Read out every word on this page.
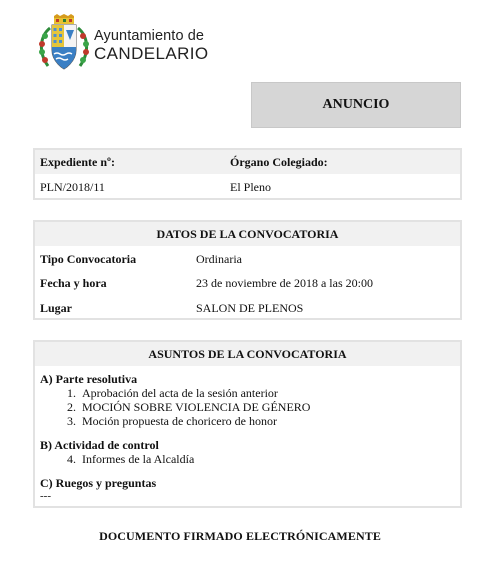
Ayuntamiento de
CANDELARIO
ANUNCIO
Expediente nº:	Órgano Colegiado:
PLN/2018/11	El Pleno
DATOS DE LA CONVOCATORIA
Tipo Convocatoria	Ordinaria
Fecha y hora	23 de noviembre de 2018 a las 20:00
Lugar	SALON DE PLENOS
ASUNTOS DE LA CONVOCATORIA
A) Parte resolutiva
1. Aprobación del acta de la sesión anterior
2. MOCIÓN SOBRE VIOLENCIA DE GÉNERO
3. Moción propuesta de choricero de honor
B) Actividad de control
4. Informes de la Alcaldía
C) Ruegos y preguntas
---
DOCUMENTO FIRMADO ELECTRÓNICAMENTE
